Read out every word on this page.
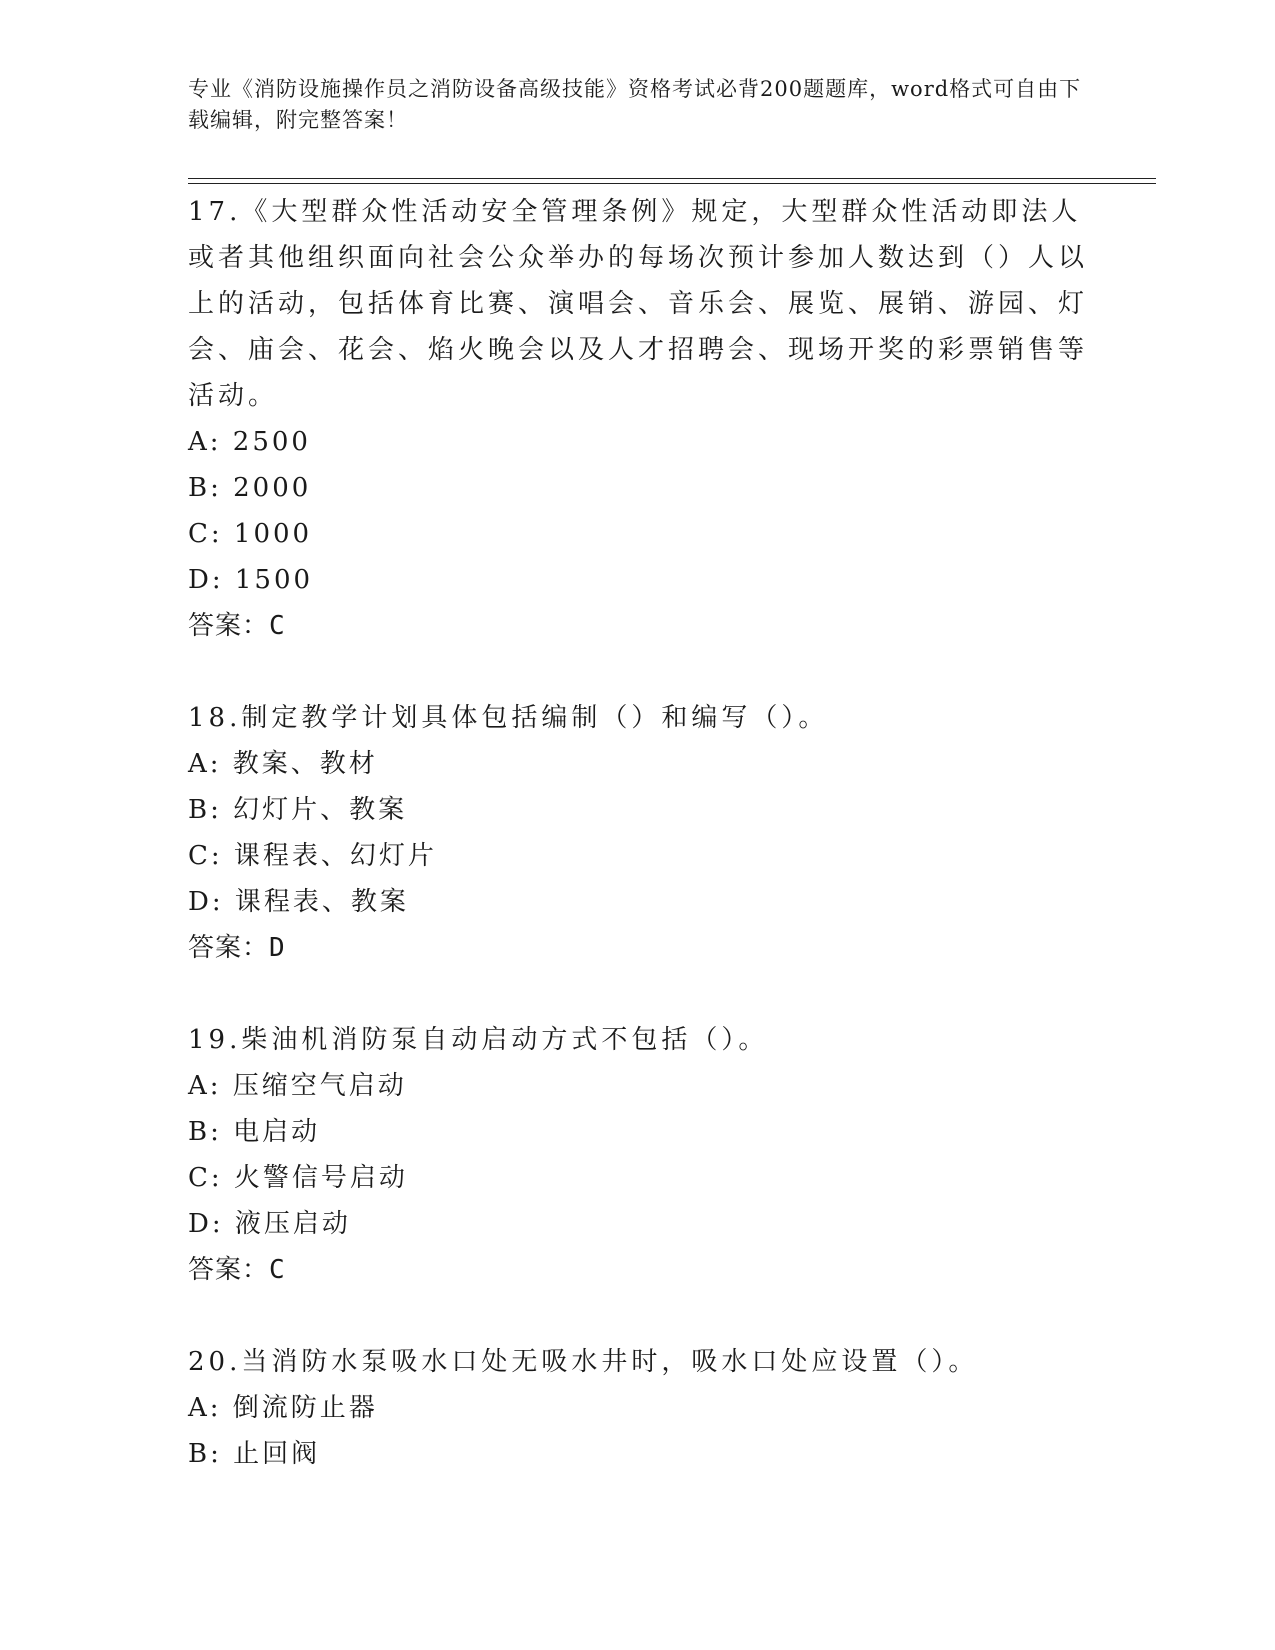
专业《消防设施操作员之消防设备高级技能》资格考试必背200题题库，word格式可自由下载编辑，附完整答案！

17.《大型群众性活动安全管理条例》规定，大型群众性活动即法人或者其他组织面向社会公众举办的每场次预计参加人数达到（）人以上的活动，包括体育比赛、演唱会、音乐会、展览、展销、游园、灯会、庙会、花会、焰火晚会以及人才招聘会、现场开奖的彩票销售等活动。

A: 2500

B: 2000

C: 1000

D: 1500

答案：C

18.制定教学计划具体包括编制（）和编写（）。

A: 教案、教材

B: 幻灯片、教案

C: 课程表、幻灯片

D: 课程表、教案

答案：D

19.柴油机消防泵自动启动方式不包括（）。

A: 压缩空气启动

B: 电启动

C: 火警信号启动

D: 液压启动

答案：C

20.当消防水泵吸水口处无吸水井时，吸水口处应设置（）。

A: 倒流防止器

B: 止回阀
